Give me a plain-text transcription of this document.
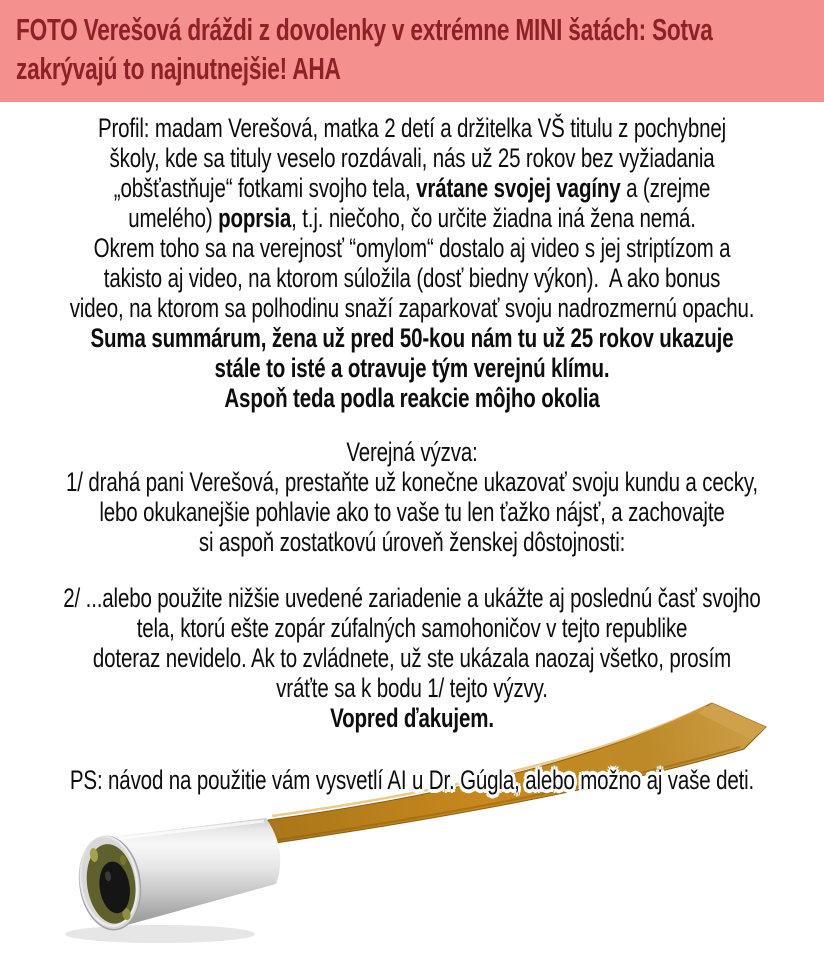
FOTO Verešová dráždi z dovolenky v extrémne MINI šatách: Sotva
zakrývajú to najnutnejšie! AHA
Profil: madam Verešová, matka 2 detí a držitelka VŠ titulu z pochybnej
školy, kde sa tituly veselo rozdávali, nás už 25 rokov bez vyžiadania
„obšťastňuje“ fotkami svojho tela, vrátane svojej vagíny a (zrejme
umelého) poprsia, t.j. niečoho, čo určite žiadna iná žena nemá.
Okrem toho sa na verejnosť “omylom“ dostalo aj video s jej striptízom a
takisto aj video, na ktorom súložila (dosť biedny výkon).  A ako bonus
video, na ktorom sa polhodinu snaží zaparkovať svoju nadrozmernú opachu.
Suma summárum, žena už pred 50-kou nám tu už 25 rokov ukazuje
stále to isté a otravuje tým verejnú klímu.
Aspoň teda podla reakcie môjho okolia
Verejná výzva:
1/ drahá pani Verešová, prestaňte už konečne ukazovať svoju kundu a cecky,
lebo okukanejšie pohlavie ako to vaše tu len ťažko nájsť, a zachovajte
si aspoň zostatkovú úroveň ženskej dôstojnosti:
2/ ...alebo použite nižšie uvedené zariadenie a ukážte aj poslednú časť svojho
tela, ktorú ešte zopár zúfalných samohoničov v tejto republike
doteraz nevidelo. Ak to zvládnete, už ste ukázala naozaj všetko, prosím
vráťte sa k bodu 1/ tejto výzvy.
Vopred ďakujem.
PS: návod na použitie vám vysvetlí AI u Dr. Gúgla, alebo možno aj vaše deti.
